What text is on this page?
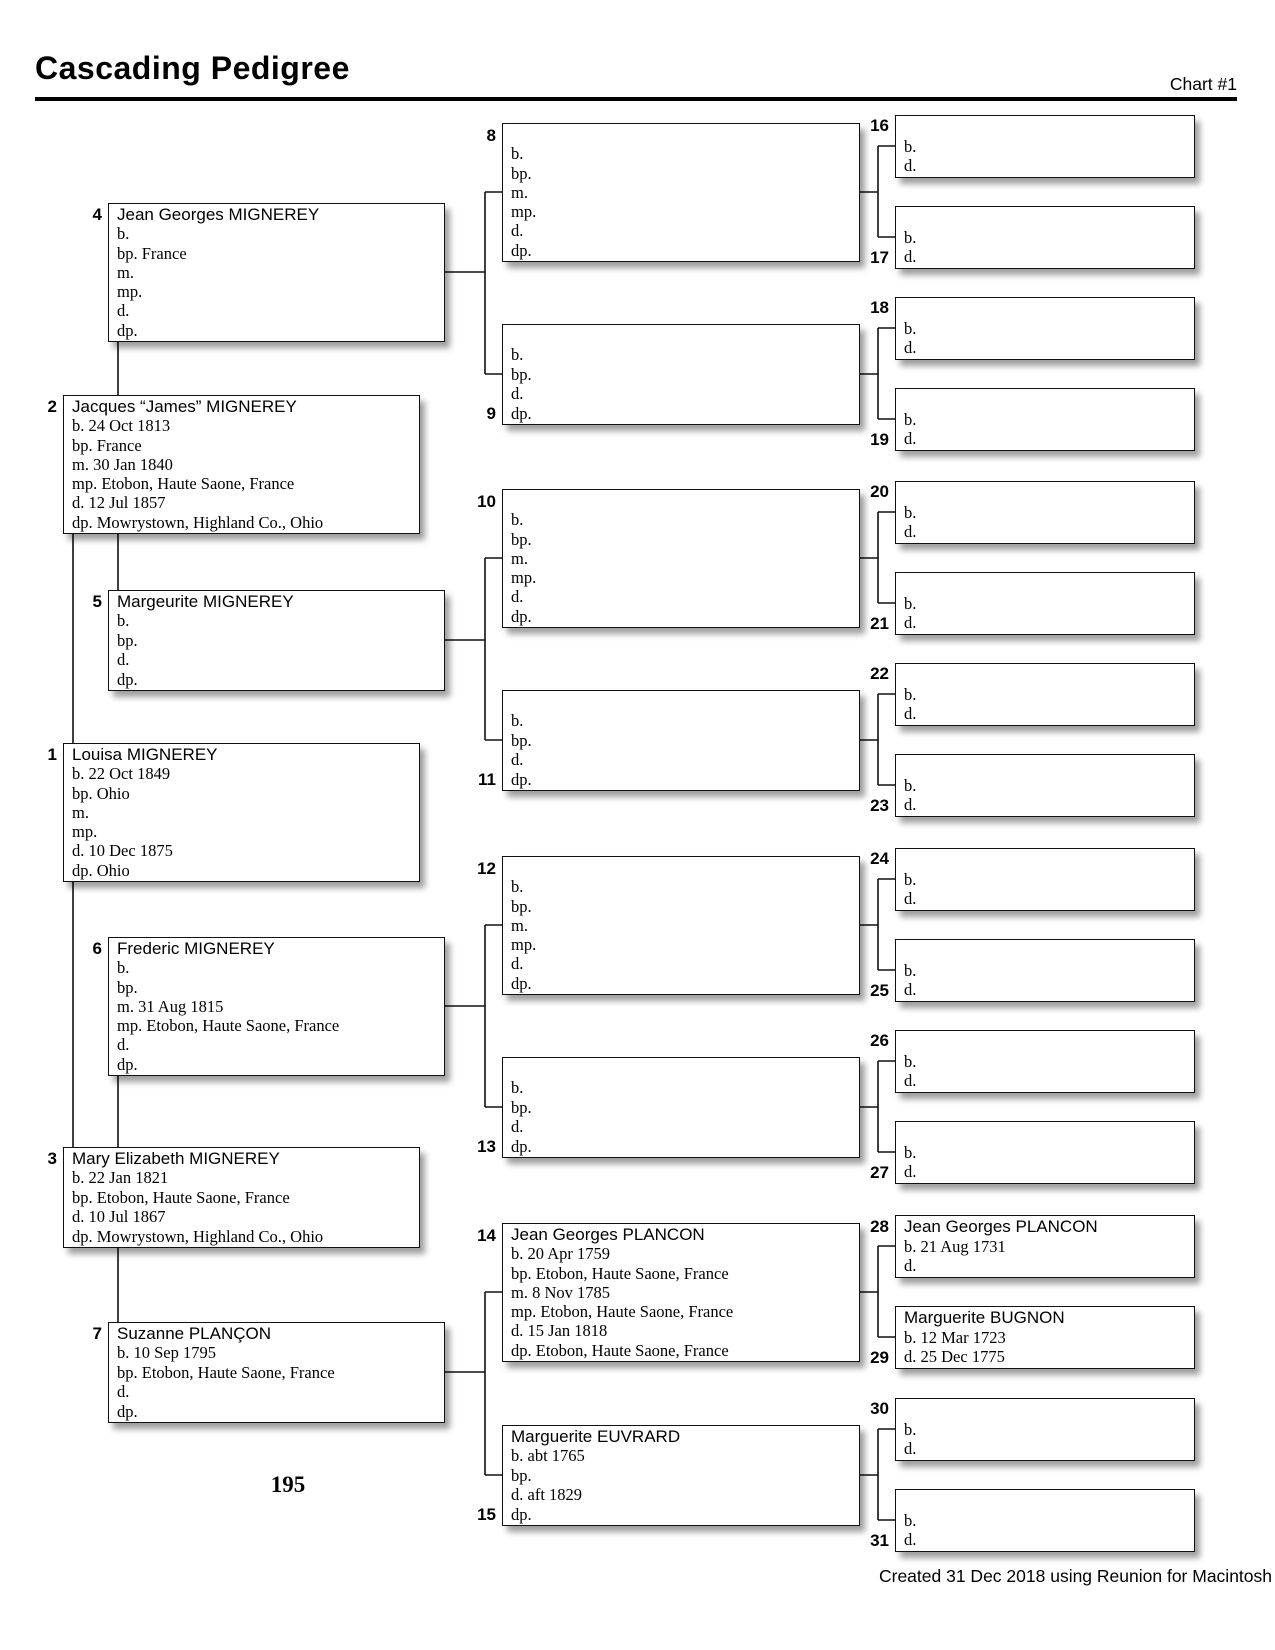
Cascading Pedigree	Chart #1
Jacques “James” MIGNEREY
b. 24 Oct 1813
bp. France
m. 30 Jan 1840
mp. Etobon, Haute Saone, France
d. 12 Jul 1857
dp. Mowrystown, Highland Co., Ohio
2
Louisa MIGNEREY
b. 22 Oct 1849
bp. Ohio
m.
mp.
d. 10 Dec 1875
dp. Ohio
1
Mary Elizabeth MIGNEREY
b. 22 Jan 1821
bp. Etobon, Haute Saone, France
d. 10 Jul 1867
dp. Mowrystown, Highland Co., Ohio
3
Jean Georges MIGNEREY
b.
bp. France
m.
mp.
d.
dp.
4
Margeurite MIGNEREY
b.
bp.
d.
dp.
5
Frederic MIGNEREY
b.
bp.
m. 31 Aug 1815
mp. Etobon, Haute Saone, France
d.
dp.
6
Suzanne PLANÇON
b. 10 Sep 1795
bp. Etobon, Haute Saone, France
d.
dp.
7
b.
bp.
m.
mp.
d.
dp.
8
b.
bp.
d.
dp.
9
b.
bp.
m.
mp.
d.
dp.
10
b.
bp.
d.
dp.
11
b.
bp.
m.
mp.
d.
dp.
12
b.
bp.
d.
dp.
13
Jean Georges PLANCON
b. 20 Apr 1759
bp. Etobon, Haute Saone, France
m. 8 Nov 1785
mp. Etobon, Haute Saone, France
d. 15 Jan 1818
dp. Etobon, Haute Saone, France
14
Marguerite EUVRARD
b. abt 1765
bp.
d. aft 1829
dp.
15
b.
d.
16
b.
d.
17
b.
d.
18
b.
d.
19
b.
d.
20
b.
d.
21
b.
d.
22
b.
d.
23
b.
d.
24
b.
d.
25
b.
d.
26
b.
d.
27
Jean Georges PLANCON
b. 21 Aug 1731
d.
28
Marguerite BUGNON
b. 12 Mar 1723
d. 25 Dec 1775
29
b.
d.
30
b.
d.
31
195
Created 31 Dec 2018 using Reunion for Macintosh
